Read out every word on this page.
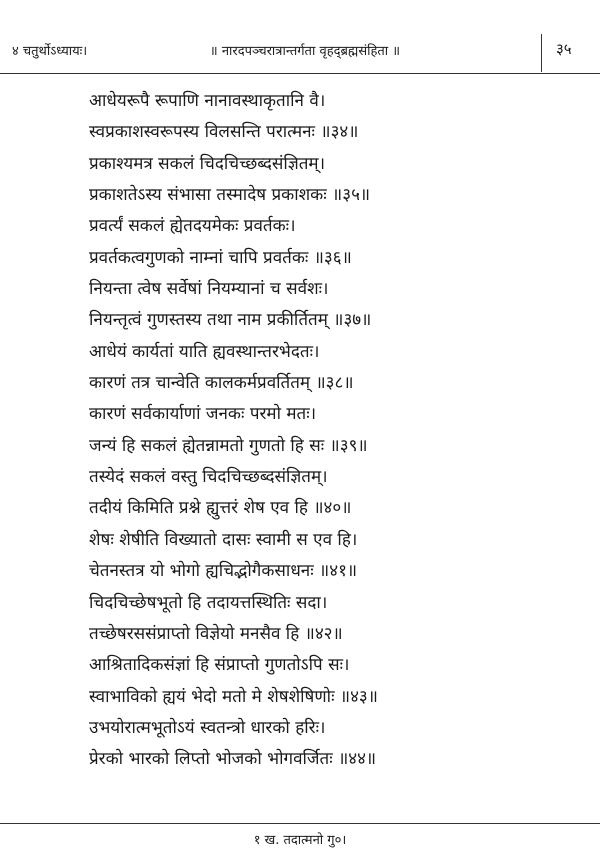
४ चतुर्थोऽध्यायः।	॥ नारदपञ्चरात्रान्तर्गता वृहद्ब्रह्मसंहिता ॥	३५
आधेयरूपै रूपाणि नानावस्थाकृतानि वै।
स्वप्रकाशस्वरूपस्य विलसन्ति परात्मनः ॥३४॥
प्रकाश्यमत्र सकलं चिदचिच्छब्दसंज्ञितम्।
प्रकाशतेऽस्य संभासा तस्मादेष प्रकाशकः ॥३५॥
प्रवर्त्यं सकलं ह्येतदयमेकः प्रवर्तकः।
प्रवर्तकत्वगुणको नाम्नां चापि प्रवर्तकः ॥३६॥
नियन्ता त्वेष सर्वेषां नियम्यानां च सर्वशः।
नियन्तृत्वं गुणस्तस्य तथा नाम प्रकीर्तितम् ॥३७॥
आधेयं कार्यतां याति ह्यवस्थान्तरभेदतः।
कारणं तत्र चान्वेति कालकर्मप्रवर्तितम् ॥३८॥
कारणं सर्वकार्याणां जनकः परमो मतः।
जन्यं हि सकलं ह्येतन्नामतो गुणतो हि सः ॥३९॥
तस्येदं सकलं वस्तु चिदचिच्छब्दसंज्ञितम्।
तदीयं किमिति प्रश्ने ह्युत्तरं शेष एव हि ॥४०॥
शेषः शेषीति विख्यातो दासः स्वामी स एव हि।
चेतनस्तत्र यो भोगो ह्यचिद्भोगैकसाधनः ॥४१॥
चिदचिच्छेषभूतो हि तदायत्तस्थितिः सदा।
तच्छेषरससंप्राप्तो विज्ञेयो मनसैव हि ॥४२॥
आश्रितादिकसंज्ञां हि संप्राप्तो गुणतोऽपि सः।
स्वाभाविको ह्ययं भेदो मतो मे शेषशेषिणोः ॥४३॥
उभयोरात्मभूतोऽयं स्वतन्त्रो धारको हरिः।
प्रेरको भारको लिप्तो भोजको भोगवर्जितः ॥४४॥
१ ख. तदात्मनो गु०।
